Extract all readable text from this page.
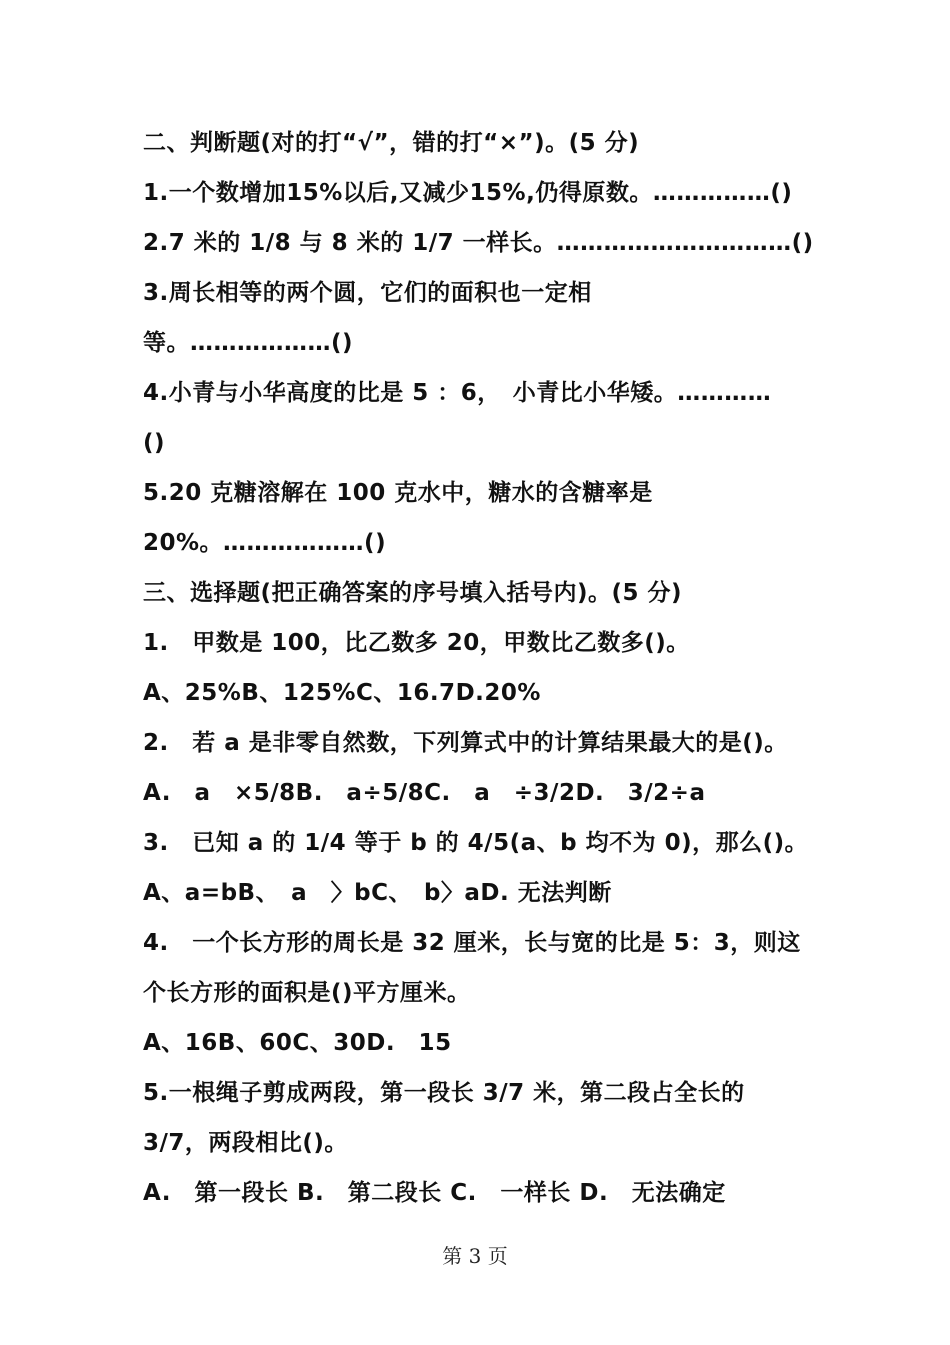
二、判断题(对的打“√”，错的打“×”)。(5 分)
1.一个数增加15%以后,又减少15%,仍得原数。……………()
2.7 米的 1/8 与 8 米的 1/7 一样长。…………………………()
3.周长相等的两个圆，它们的面积也一定相
等。………………()
4.小青与小华高度的比是 5 ：6，　小青比小华矮。…………
()
5.20 克糖溶解在 100 克水中，糖水的含糖率是
20%。………………()
三、选择题(把正确答案的序号填入括号内)。(5 分)
1.　甲数是 100，比乙数多 20，甲数比乙数多()。
A、25%B、125%C、16.7D.20%
2.　若 a 是非零自然数，下列算式中的计算结果最大的是()。
A.　a　×5/8B.　a÷5/8C.　a　÷3/2D.　3/2÷a
3.　已知 a 的 1/4 等于 b 的 4/5(a、b 均不为 0)，那么()。
A、a=bB、　a　〉bC、　b〉aD. 无法判断
4.　一个长方形的周长是 32 厘米，长与宽的比是 5：3，则这
个长方形的面积是()平方厘米。
A、16B、60C、30D.　15
5.一根绳子剪成两段，第一段长 3/7 米，第二段占全长的
3/7，两段相比()。
A.　第一段长 B.　第二段长 C.　一样长 D.　无法确定
第 3 页
